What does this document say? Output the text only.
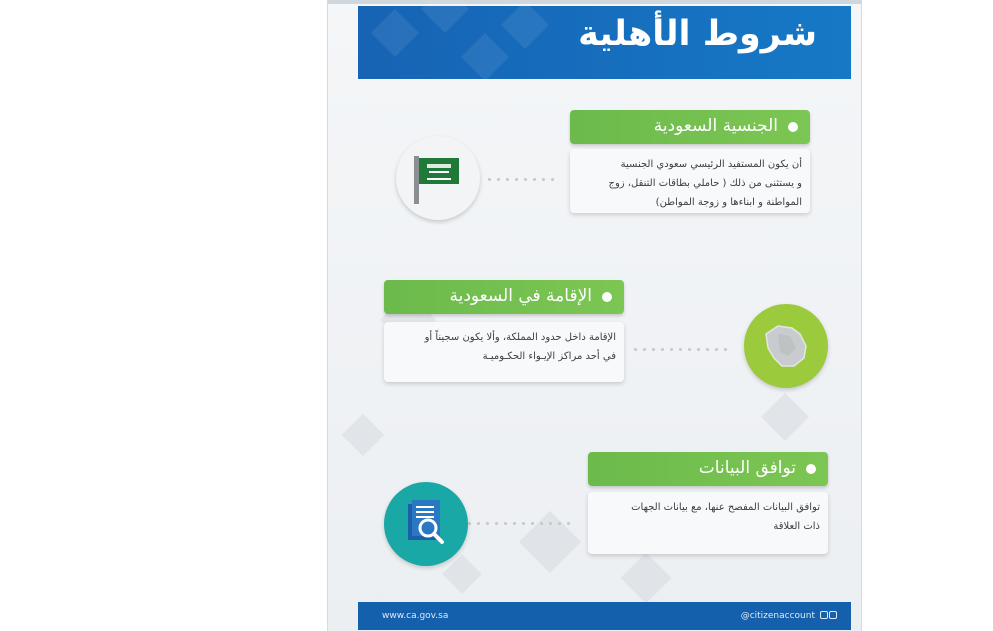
شروط الأهلية
الجنسية السعودية
أن يكون المستفيد الرئيسي سعودي الجنسية
و يستثنى من ذلك ( حاملي بطاقات التنقل، زوج
المواطنة و ابناءها و زوجة المواطن)
الإقامة في السعودية
الإقامة داخل حدود المملكة، وألا يكون سجيناً أو
في أحد مراكز الإيـواء الحكـوميـة
توافق البيانات
توافق البيانات المفصح عنها، مع بيانات الجهات
ذات العلاقة
www.ca.gov.sa	@citizenaccount
